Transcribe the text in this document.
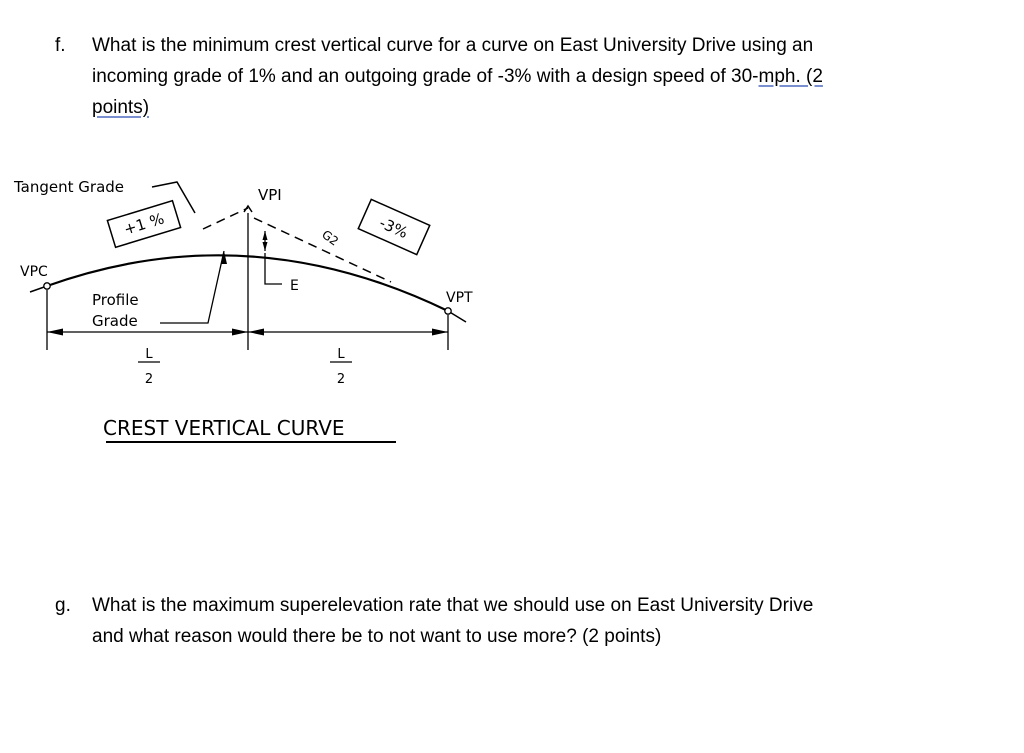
f. What is the minimum crest vertical curve for a curve on East University Drive using an
incoming grade of 1% and an outgoing grade of -3% with a design speed of 30-mph. (2
points)
Tangent Grade
+1 %
VPI
-3%
G2
VPC
VPT
L
2
L
2
Profile
Grade
E
CREST VERTICAL CURVE
g. What is the maximum superelevation rate that we should use on East University Drive
and what reason would there be to not want to use more? (2 points)
